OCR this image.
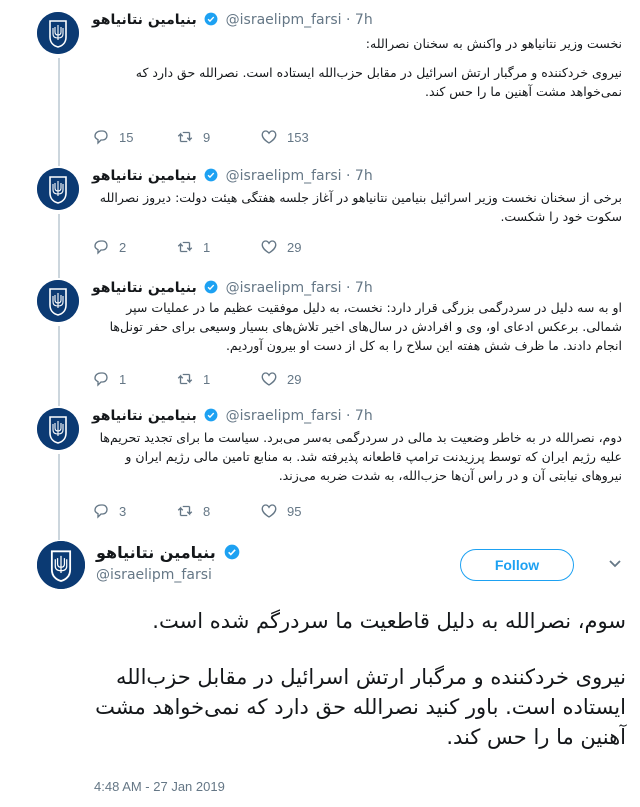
بنیامین نتانیاهو @israelipm_farsi · 7h

نخست وزیر نتانیاهو در واکنش به سخنان نصرالله:

نیروی خردکننده و مرگبار ارتش اسرائیل در مقابل حزب‌الله ایستاده است. نصرالله حق دارد که نمی‌خواهد مشت آهنین ما را حس کند.

15	9	153
بنیامین نتانیاهو @israelipm_farsi · 7h

برخی از سخنان نخست وزیر اسرائیل بنیامین نتانیاهو در آغاز جلسه هفتگی هیئت دولت: دیروز نصرالله سکوت خود را شکست.

2	1	29
بنیامین نتانیاهو @israelipm_farsi · 7h

او به سه دلیل در سردرگمی بزرگی قرار دارد: نخست، به دلیل موفقیت عظیم ما در عملیات سپر شمالی. برعکس ادعای او، وی و افرادش در سال‌های اخیر تلاش‌های بسیار وسیعی برای حفر تونل‌ها انجام دادند. ما ظرف شش هفته این سلاح را به کل از دست او بیرون آوردیم.

1	1	29
بنیامین نتانیاهو @israelipm_farsi · 7h

دوم، نصرالله در به خاطر وضعیت بد مالی در سردرگمی به‌سر می‌برد. سیاست ما برای تجدید تحریم‌ها علیه رژیم ایران که توسط پرزیدنت ترامپ قاطعانه پذیرفته شد. به منابع تامین مالی رژیم ایران و نیروهای نیابتی آن و در راس آن‌ها حزب‌الله، به شدت ضربه می‌زند.

3	8	95
بنیامین نتانیاهو
@israelipm_farsi
Follow

سوم، نصرالله به دلیل قاطعیت ما سردرگم شده است.

نیروی خردکننده و مرگبار ارتش اسرائیل در مقابل حزب‌الله ایستاده است. باور کنید نصرالله حق دارد که نمی‌خواهد مشت آهنین ما را حس کند.

4:48 AM - 27 Jan 2019
